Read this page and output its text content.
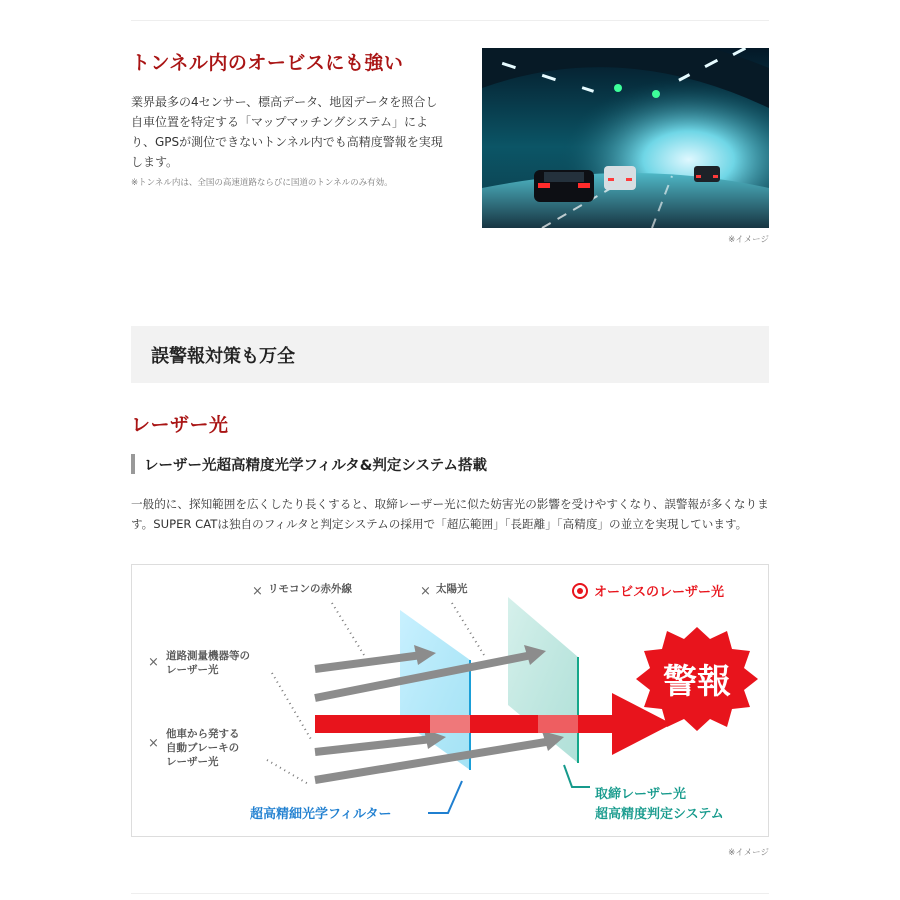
トンネル内のオービスにも強い

業界最多の4センサー、標高データ、地図データを照合し自車位置を特定する「マップマッチングシステム」により、GPSが測位できないトンネル内でも高精度警報を実現します。

※トンネル内は、全国の高速道路ならびに国道のトンネルのみ有効。

※イメージ
誤警報対策も万全
レーザー光
レーザー光超高精度光学フィルタ&判定システム搭載

一般的に、探知範囲を広くしたり長くすると、取締レーザー光に似た妨害光の影響を受けやすくなり、誤警報が多くなります。SUPER CATは独自のフィルタと判定システムの採用で「超広範囲」「長距離」「高精度」の並立を実現しています。

警報
オービスのレーザー光
×	×
×
×
リモコンの赤外線	太陽光
道路測量機器等の
レーザー光
他車から発する
自動ブレーキの
レーザー光
超高精細光学フィルター
取締レーザー光
超高精度判定システム
※イメージ
